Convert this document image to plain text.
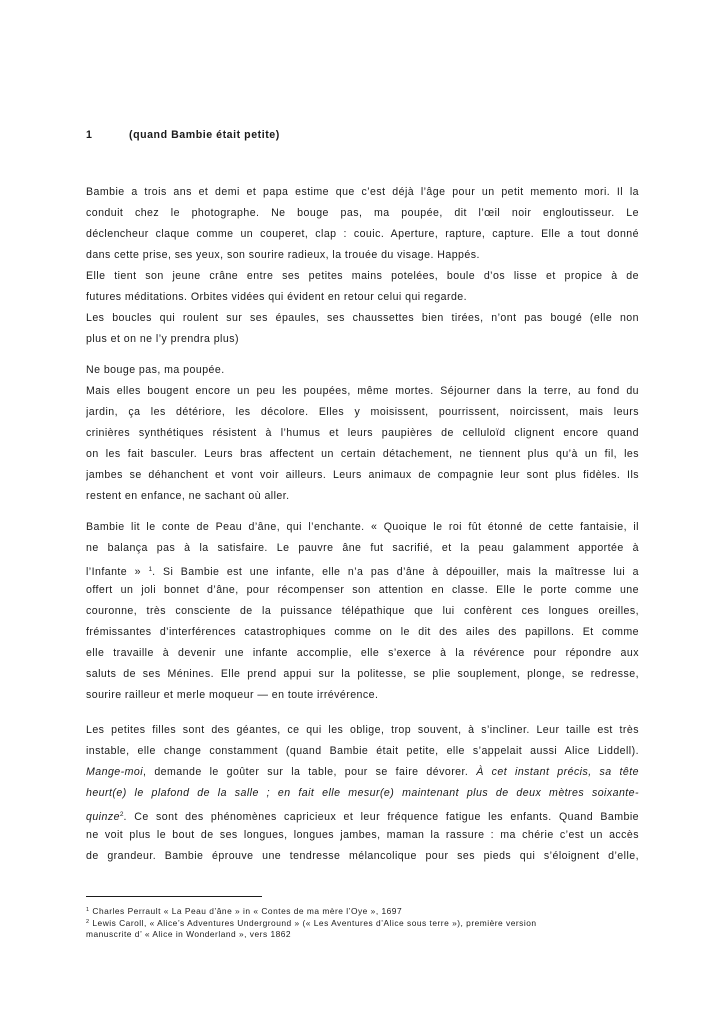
1	(quand Bambie était petite)
Bambie a trois ans et demi et papa estime que c’est déjà l’âge pour un petit memento mori. Il la
conduit chez le photographe. Ne bouge pas, ma poupée, dit l’œil noir engloutisseur. Le
déclencheur claque comme un couperet, clap : couic. Aperture, rapture, capture. Elle a tout donné
dans cette prise, ses yeux, son sourire radieux, la trouée du visage. Happés.
Elle tient son jeune crâne entre ses petites mains potelées, boule d’os lisse et propice à de
futures méditations. Orbites vidées qui évident en retour celui qui regarde.
Les boucles qui roulent sur ses épaules, ses chaussettes bien tirées, n’ont pas bougé (elle non
plus et on ne l’y prendra plus)
Ne bouge pas, ma poupée.
Mais elles bougent encore un peu les poupées, même mortes. Séjourner dans la terre, au fond du
jardin, ça les détériore, les décolore. Elles y moisissent, pourrissent, noircissent, mais leurs
crinières synthétiques résistent à l’humus et leurs paupières de celluloïd clignent encore quand
on les fait basculer. Leurs bras affectent un certain détachement, ne tiennent plus qu’à un fil, les
jambes se déhanchent et vont voir ailleurs. Leurs animaux de compagnie leur sont plus fidèles. Ils
restent en enfance, ne sachant où aller.
Bambie lit le conte de Peau d’âne, qui l’enchante. « Quoique le roi fût étonné de cette fantaisie, il
ne balança pas à la satisfaire. Le pauvre âne fut sacrifié, et la peau galamment apportée à
l’Infante » $^1$. Si Bambie est une infante, elle n’a pas d’âne à dépouiller, mais la maîtresse lui a
offert un joli bonnet d’âne, pour récompenser son attention en classe. Elle le porte comme une
couronne, très consciente de la puissance télépathique que lui confèrent ces longues oreilles,
frémissantes d’interférences catastrophiques comme on le dit des ailes des papillons. Et comme
elle travaille à devenir une infante accomplie, elle s’exerce à la révérence pour répondre aux
saluts de ses Ménines. Elle prend appui sur la politesse, se plie souplement, plonge, se redresse,
sourire railleur et merle moqueur — en toute irrévérence.
Les petites filles sont des géantes, ce qui les oblige, trop souvent, à s’incliner. Leur taille est très
instable, elle change constamment (quand Bambie était petite, elle s’appelait aussi Alice Liddell).
Mange-moi, demande le goûter sur la table, pour se faire dévorer. À cet instant précis, sa tête
heurt(e) le plafond de la salle ; en fait elle mesur(e) maintenant plus de deux mètres soixante-
quinze$^2$. Ce sont des phénomènes capricieux et leur fréquence fatigue les enfants. Quand Bambie
ne voit plus le bout de ses longues, longues jambes, maman la rassure : ma chérie c’est un accès
de grandeur. Bambie éprouve une tendresse mélancolique pour ses pieds qui s’éloignent d’elle,
$^1$ Charles Perrault « La Peau d’âne » in « Contes de ma mère l’Oye », 1697
$^2$ Lewis Caroll, « Alice’s Adventures Underground » (« Les Aventures d’Alice sous terre »), première version
manuscrite d’ « Alice in Wonderland », vers 1862
